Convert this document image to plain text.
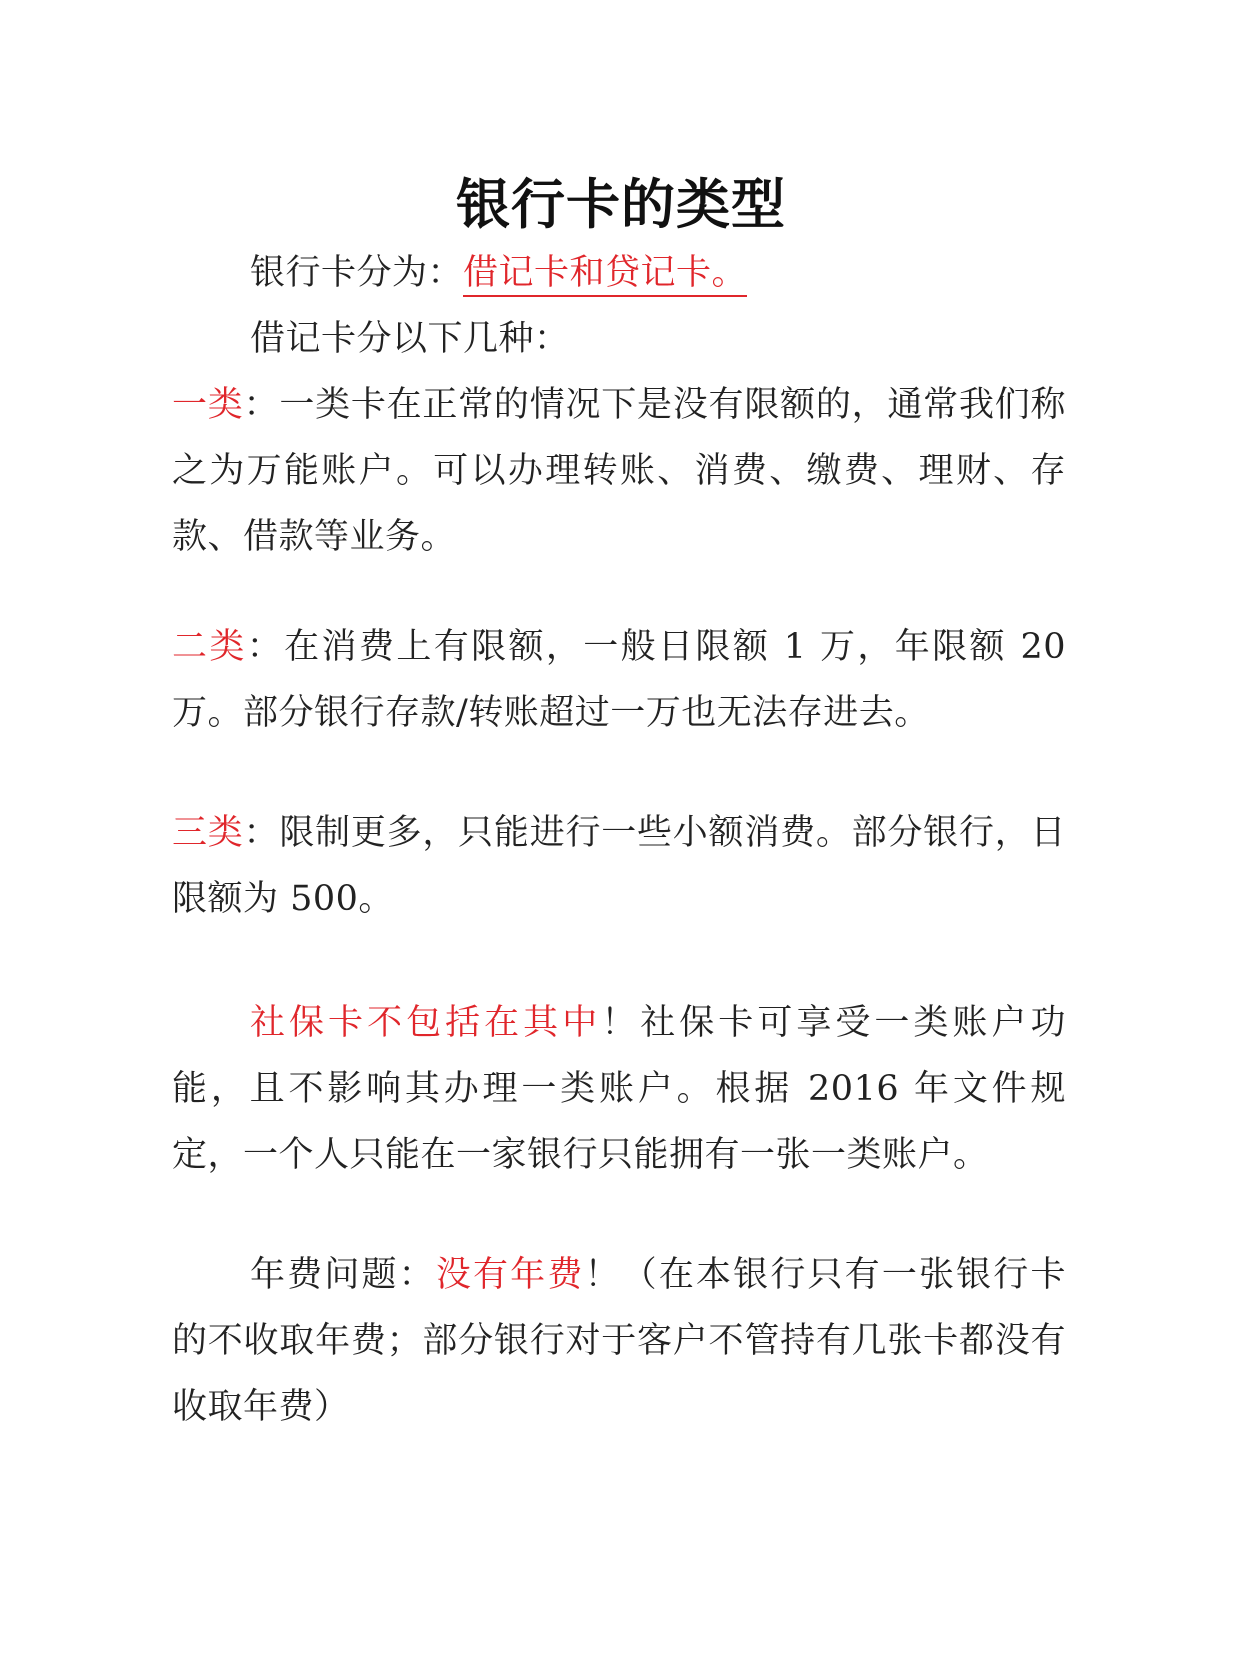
银行卡的类型

银行卡分为：借记卡和贷记卡。

借记卡分以下几种：

一类：一类卡在正常的情况下是没有限额的，通常我们称之为万能账户。可以办理转账、消费、缴费、理财、存款、借款等业务。

二类：在消费上有限额，一般日限额 1 万，年限额 20 万。部分银行存款/转账超过一万也无法存进去。

三类：限制更多，只能进行一些小额消费。部分银行，日限额为 500。

社保卡不包括在其中！社保卡可享受一类账户功能，且不影响其办理一类账户。根据 2016 年文件规定，一个人只能在一家银行只能拥有一张一类账户。

年费问题：没有年费！（在本银行只有一张银行卡的不收取年费；部分银行对于客户不管持有几张卡都没有收取年费）
